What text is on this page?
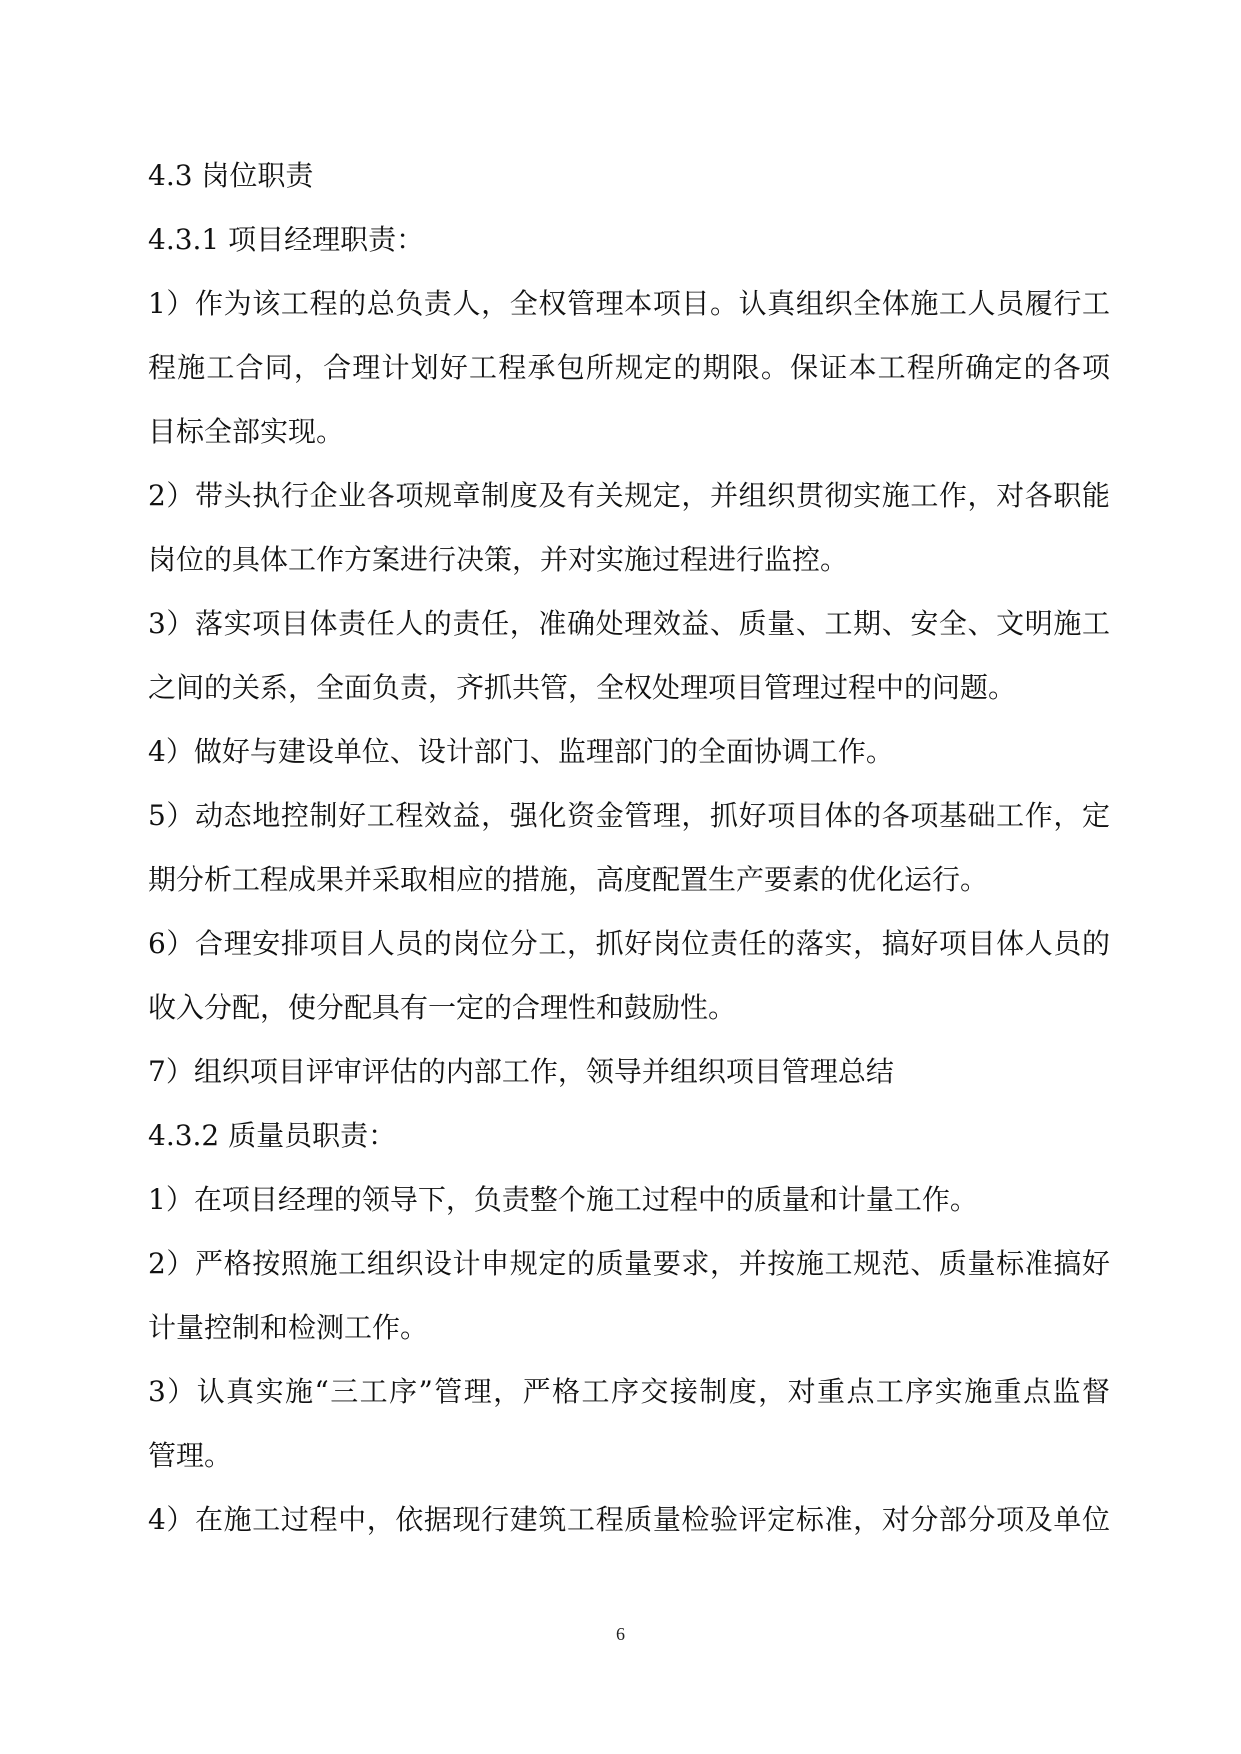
4.3 岗位职责
4.3.1 项目经理职责：
1）作为该工程的总负责人，全权管理本项目。认真组织全体施工人员履行工
程施工合同，合理计划好工程承包所规定的期限。保证本工程所确定的各项
目标全部实现。
2）带头执行企业各项规章制度及有关规定，并组织贯彻实施工作，对各职能
岗位的具体工作方案进行决策，并对实施过程进行监控。
3）落实项目体责任人的责任，准确处理效益、质量、工期、安全、文明施工
之间的关系，全面负责，齐抓共管，全权处理项目管理过程中的问题。
4）做好与建设单位、设计部门、监理部门的全面协调工作。
5）动态地控制好工程效益，强化资金管理，抓好项目体的各项基础工作，定
期分析工程成果并采取相应的措施，高度配置生产要素的优化运行。
6）合理安排项目人员的岗位分工，抓好岗位责任的落实，搞好项目体人员的
收入分配，使分配具有一定的合理性和鼓励性。
7）组织项目评审评估的内部工作，领导并组织项目管理总结
4.3.2 质量员职责：
1）在项目经理的领导下，负责整个施工过程中的质量和计量工作。
2）严格按照施工组织设计申规定的质量要求，并按施工规范、质量标准搞好
计量控制和检测工作。
3）认真实施“三工序”管理，严格工序交接制度，对重点工序实施重点监督
管理。
4）在施工过程中，依据现行建筑工程质量检验评定标准，对分部分项及单位
6
